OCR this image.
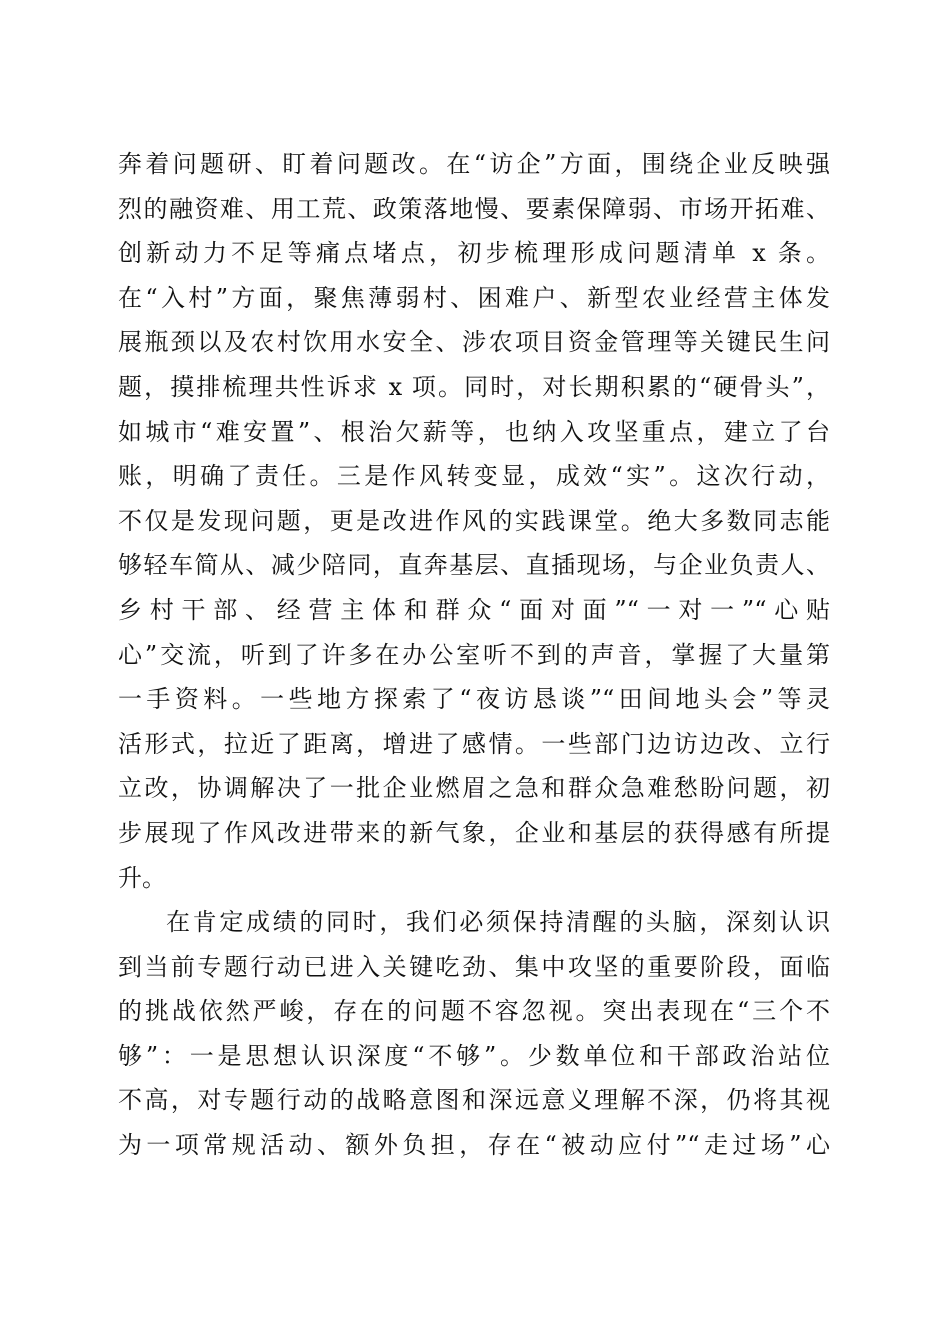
奔着问题研、盯着问题改。在“访企”方面，围绕企业反映强
烈的融资难、用工荒、政策落地慢、要素保障弱、市场开拓难、
创新动力不足等痛点堵点，初步梳理形成问题清单 x 条。
在“入村”方面，聚焦薄弱村、困难户、新型农业经营主体发
展瓶颈以及农村饮用水安全、涉农项目资金管理等关键民生问
题，摸排梳理共性诉求 x 项。同时，对长期积累的“硬骨头”，
如城市“难安置”、根治欠薪等，也纳入攻坚重点，建立了台
账，明确了责任。三是作风转变显，成效“实”。这次行动，
不仅是发现问题，更是改进作风的实践课堂。绝大多数同志能
够轻车简从、减少陪同，直奔基层、直插现场，与企业负责人、
乡村干部、经营主体和群众“面对面”“一对一”“心贴
心”交流，听到了许多在办公室听不到的声音，掌握了大量第
一手资料。一些地方探索了“夜访恳谈”“田间地头会”等灵
活形式，拉近了距离，增进了感情。一些部门边访边改、立行
立改，协调解决了一批企业燃眉之急和群众急难愁盼问题，初
步展现了作风改进带来的新气象，企业和基层的获得感有所提
升。
在肯定成绩的同时，我们必须保持清醒的头脑，深刻认识
到当前专题行动已进入关键吃劲、集中攻坚的重要阶段，面临
的挑战依然严峻，存在的问题不容忽视。突出表现在“三个不
够”：一是思想认识深度“不够”。少数单位和干部政治站位
不高，对专题行动的战略意图和深远意义理解不深，仍将其视
为一项常规活动、额外负担，存在“被动应付”“走过场”心
